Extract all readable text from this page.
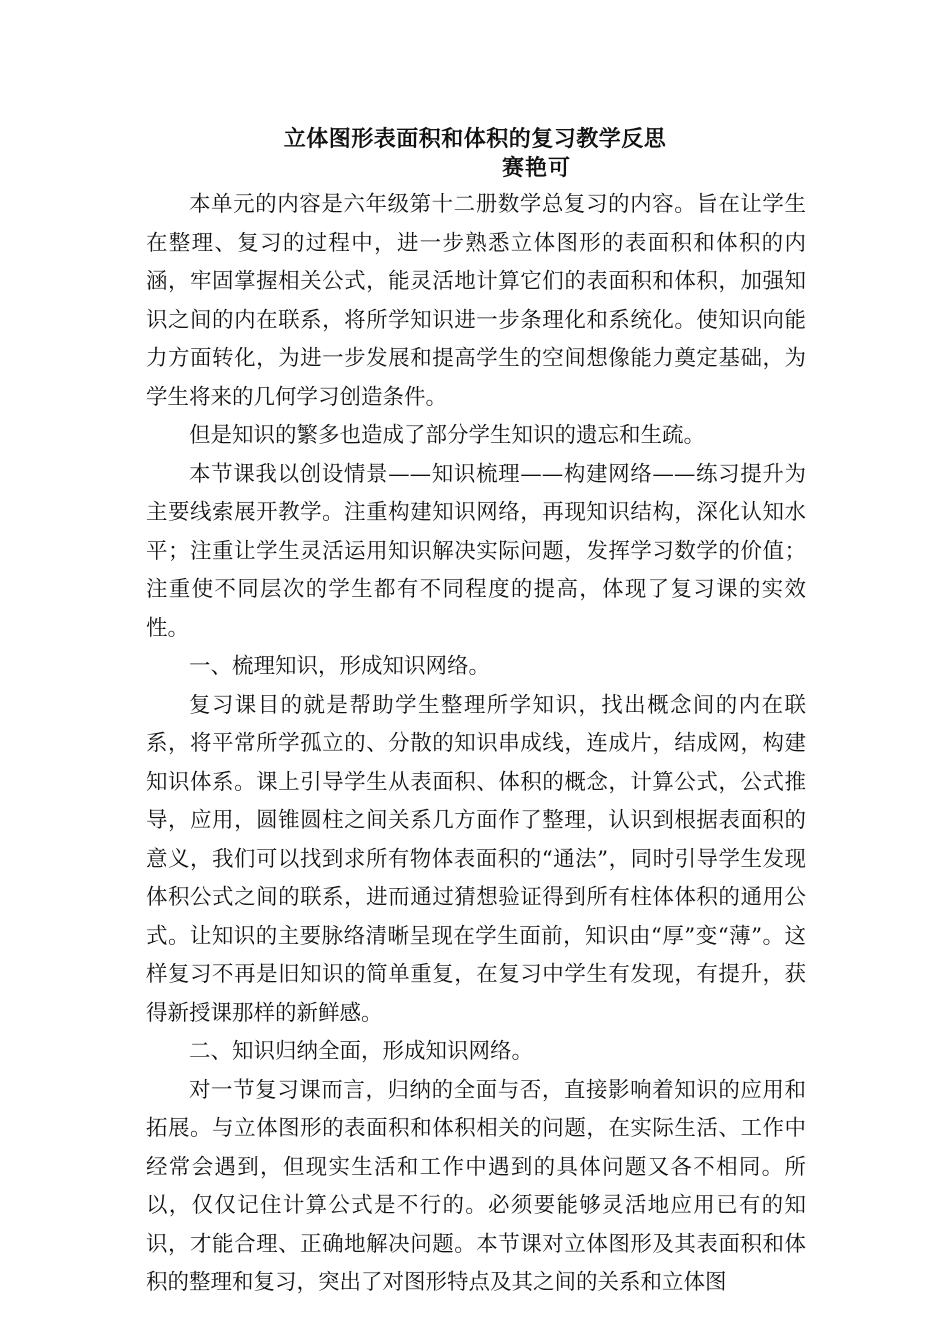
立体图形表面积和体积的复习教学反思
赛艳可

本单元的内容是六年级第十二册数学总复习的内容。旨在让学生在整理、复习的过程中，进一步熟悉立体图形的表面积和体积的内涵，牢固掌握相关公式，能灵活地计算它们的表面积和体积，加强知识之间的内在联系，将所学知识进一步条理化和系统化。使知识向能力方面转化，为进一步发展和提高学生的空间想像能力奠定基础，为学生将来的几何学习创造条件。

但是知识的繁多也造成了部分学生知识的遗忘和生疏。

本节课我以创设情景——知识梳理——构建网络——练习提升为主要线索展开教学。注重构建知识网络，再现知识结构，深化认知水平；注重让学生灵活运用知识解决实际问题，发挥学习数学的价值；注重使不同层次的学生都有不同程度的提高，体现了复习课的实效性。

一、梳理知识，形成知识网络。

复习课目的就是帮助学生整理所学知识，找出概念间的内在联系，将平常所学孤立的、分散的知识串成线，连成片，结成网，构建知识体系。课上引导学生从表面积、体积的概念，计算公式，公式推导，应用，圆锥圆柱之间关系几方面作了整理，认识到根据表面积的意义，我们可以找到求所有物体表面积的“通法”，同时引导学生发现体积公式之间的联系，进而通过猜想验证得到所有柱体体积的通用公式。让知识的主要脉络清晰呈现在学生面前，知识由“厚”变“薄”。这样复习不再是旧知识的简单重复，在复习中学生有发现，有提升，获得新授课那样的新鲜感。

二、知识归纳全面，形成知识网络。

对一节复习课而言，归纳的全面与否，直接影响着知识的应用和拓展。与立体图形的表面积和体积相关的问题，在实际生活、工作中经常会遇到，但现实生活和工作中遇到的具体问题又各不相同。所以，仅仅记住计算公式是不行的。必须要能够灵活地应用已有的知识，才能合理、正确地解决问题。本节课对立体图形及其表面积和体积的整理和复习，突出了对图形特点及其之间的关系和立体图
